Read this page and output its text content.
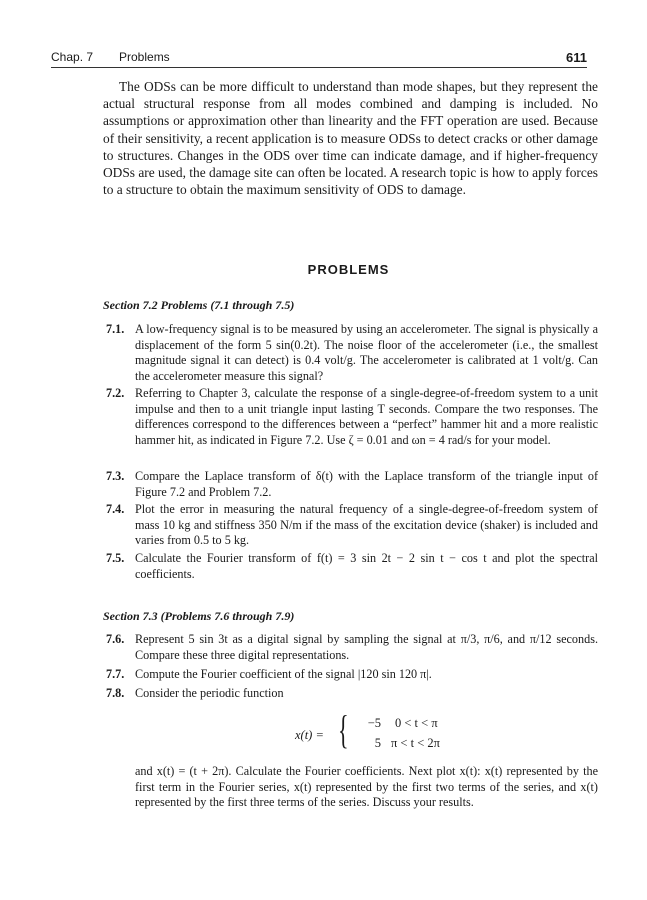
Chap. 7 Problems	611
The ODSs can be more difficult to understand than mode shapes, but they represent the actual structural response from all modes combined and damping is included. No assumptions or approximation other than linearity and the FFT operation are used. Because of their sensitivity, a recent application is to measure ODSs to detect cracks or other damage to structures. Changes in the ODS over time can indicate damage, and if higher-frequency ODSs are used, the damage site can often be located. A research topic is how to apply forces to a structure to obtain the maximum sensitivity of ODS to damage.
PROBLEMS
Section 7.2 Problems (7.1 through 7.5)
7.1. A low-frequency signal is to be measured by using an accelerometer. The signal is physically a displacement of the form 5 sin(0.2t). The noise floor of the accelerometer (i.e., the smallest magnitude signal it can detect) is 0.4 volt/g. The accelerometer is calibrated at 1 volt/g. Can the accelerometer measure this signal?
7.2. Referring to Chapter 3, calculate the response of a single-degree-of-freedom system to a unit impulse and then to a unit triangle input lasting T seconds. Compare the two responses. The differences correspond to the differences between a “perfect” hammer hit and a more realistic hammer hit, as indicated in Figure 7.2. Use ζ = 0.01 and ωn = 4 rad/s for your model.
7.3. Compare the Laplace transform of δ(t) with the Laplace transform of the triangle input of Figure 7.2 and Problem 7.2.
7.4. Plot the error in measuring the natural frequency of a single-degree-of-freedom system of mass 10 kg and stiffness 350 N/m if the mass of the excitation device (shaker) is included and varies from 0.5 to 5 kg.
7.5. Calculate the Fourier transform of f(t) = 3 sin 2t − 2 sin t − cos t and plot the spectral coefficients.
Section 7.3 (Problems 7.6 through 7.9)
7.6. Represent 5 sin 3t as a digital signal by sampling the signal at π/3, π/6, and π/12 seconds. Compare these three digital representations.
7.7. Compute the Fourier coefficient of the signal |120 sin 120 π|.
7.8. Consider the periodic function
x(t) = {	−5 0 < t < π
5 π < t < 2π
and x(t) = (t + 2π). Calculate the Fourier coefficients. Next plot x(t): x(t) represented by the first term in the Fourier series, x(t) represented by the first two terms of the series, and x(t) represented by the first three terms of the series. Discuss your results.
